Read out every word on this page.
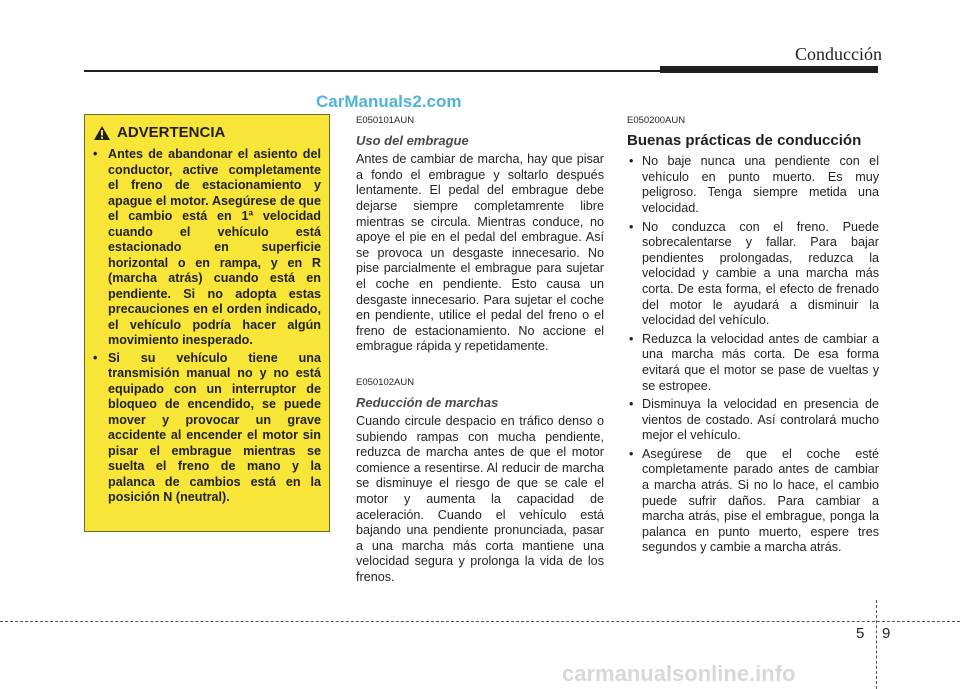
Conducción
CarManuals2.com
ADVERTENCIA
• Antes de abandonar el asiento del conductor, active completamente el freno de estacionamiento y apague el motor. Asegúrese de que el cambio está en 1ª velocidad cuando el vehículo está estacionado en superficie horizontal o en rampa, y en R (marcha atrás) cuando está en pendiente. Si no adopta estas precauciones en el orden indicado, el vehículo podría hacer algún movimiento inesperado.
• Si su vehículo tiene una transmisión manual no y no está equipado con un interruptor de bloqueo de encendido, se puede mover y provocar un grave accidente al encender el motor sin pisar el embrague mientras se suelta el freno de mano y la palanca de cambios está en la posición N (neutral).

E050101AUN

Uso del embrague

Antes de cambiar de marcha, hay que pisar a fondo el embrague y soltarlo después lentamente. El pedal del embrague debe dejarse siempre completamrente libre mientras se circula. Mientras conduce, no apoye el pie en el pedal del embrague. Así se provoca un desgaste innecesario. No pise parcialmente el embrague para sujetar el coche en pendiente. Esto causa un desgaste innecesario. Para sujetar el coche en pendiente, utilice el pedal del freno o el freno de estacionamiento. No accione el embrague rápida y repetidamente.

E050102AUN

Reducción de marchas

Cuando circule despacio en tráfico denso o subiendo rampas con mucha pendiente, reduzca de marcha antes de que el motor comience a resentirse. Al reducir de marcha se disminuye el riesgo de que se cale el motor y aumenta la capacidad de aceleración. Cuando el vehículo está bajando una pendiente pronunciada, pasar a una marcha más corta mantiene una velocidad segura y prolonga la vida de los frenos.

E050200AUN

Buenas prácticas de conducción

• No baje nunca una pendiente con el vehículo en punto muerto. Es muy peligroso. Tenga siempre metida una velocidad.
• No conduzca con el freno. Puede sobrecalentarse y fallar. Para bajar pendientes prolongadas, reduzca la velocidad y cambie a una marcha más corta. De esta forma, el efecto de frenado del motor le ayudará a disminuir la velocidad del vehículo.
• Reduzca la velocidad antes de cambiar a una marcha más corta. De esa forma evitará que el motor se pase de vueltas y se estropee.
• Disminuya la velocidad en presencia de vientos de costado. Así controlará mucho mejor el vehículo.
• Asegúrese de que el coche esté completamente parado antes de cambiar a marcha atrás. Si no lo hace, el cambio puede sufrir daños. Para cambiar a marcha atrás, pise el embrague, ponga la palanca en punto muerto, espere tres segundos y cambie a marcha atrás.
5 9
carmanualsonline.info
